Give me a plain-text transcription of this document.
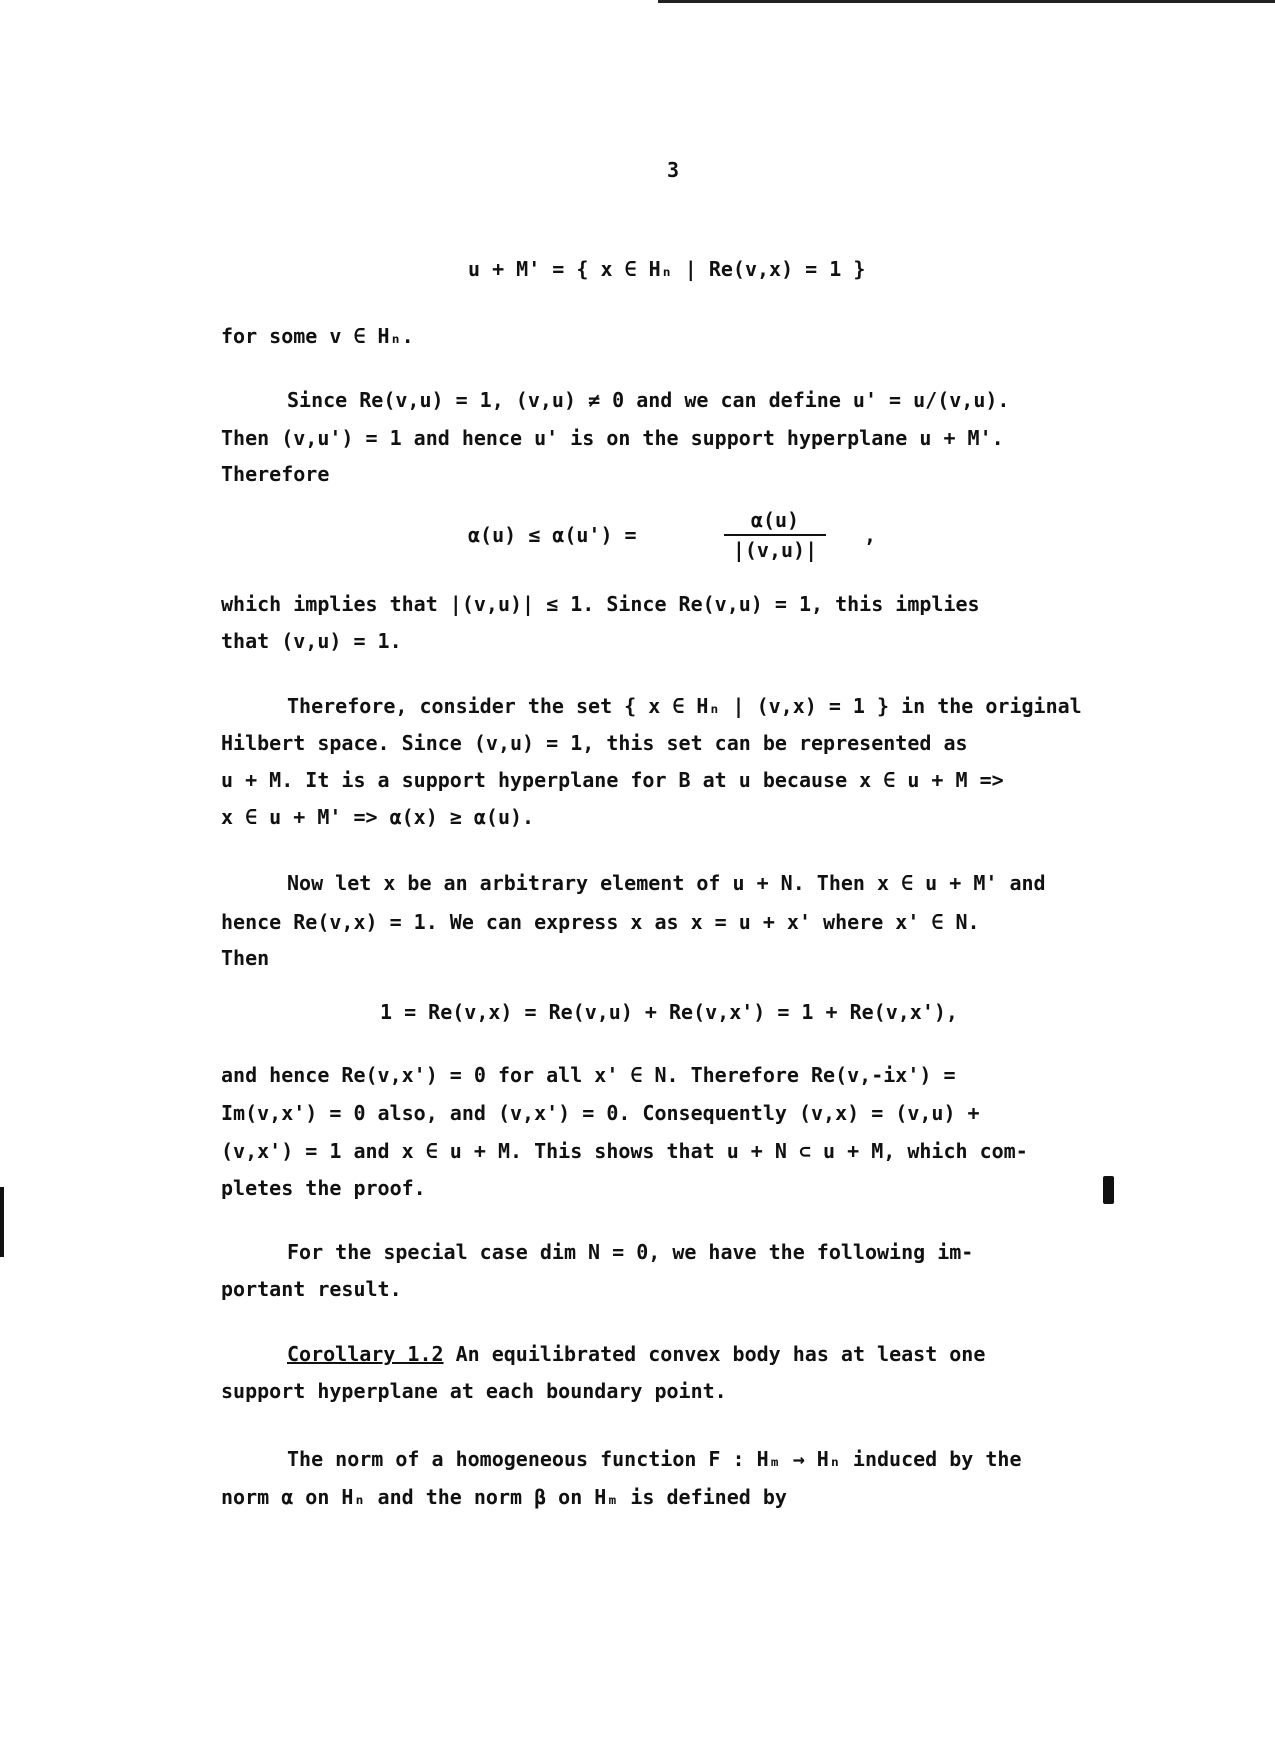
3
u + M' = { x ∈ Hₙ | Re(v,x) = 1 }
for some v ∈ Hₙ.
Since Re(v,u) = 1, (v,u) ≠ 0 and we can define u' = u/(v,u).
Then (v,u') = 1 and hence u' is on the support hyperplane u + M'.
Therefore
α(u) ≤ α(u') =
α(u)
|(v,u)|
,
which implies that |(v,u)| ≤ 1. Since Re(v,u) = 1, this implies
that (v,u) = 1.
Therefore, consider the set { x ∈ Hₙ | (v,x) = 1 } in the original
Hilbert space. Since (v,u) = 1, this set can be represented as
u + M. It is a support hyperplane for B at u because x ∈ u + M =>
x ∈ u + M' => α(x) ≥ α(u).
Now let x be an arbitrary element of u + N. Then x ∈ u + M' and
hence Re(v,x) = 1. We can express x as x = u + x' where x' ∈ N.
Then
1 = Re(v,x) = Re(v,u) + Re(v,x') = 1 + Re(v,x'),
and hence Re(v,x') = 0 for all x' ∈ N. Therefore Re(v,-ix') =
Im(v,x') = 0 also, and (v,x') = 0. Consequently (v,x) = (v,u) +
(v,x') = 1 and x ∈ u + M. This shows that u + N ⊂ u + M, which com-
pletes the proof.
For the special case dim N = 0, we have the following im-
portant result.
Corollary 1.2 An equilibrated convex body has at least one
support hyperplane at each boundary point.
The norm of a homogeneous function F : Hₘ → Hₙ induced by the
norm α on Hₙ and the norm β on Hₘ is defined by
